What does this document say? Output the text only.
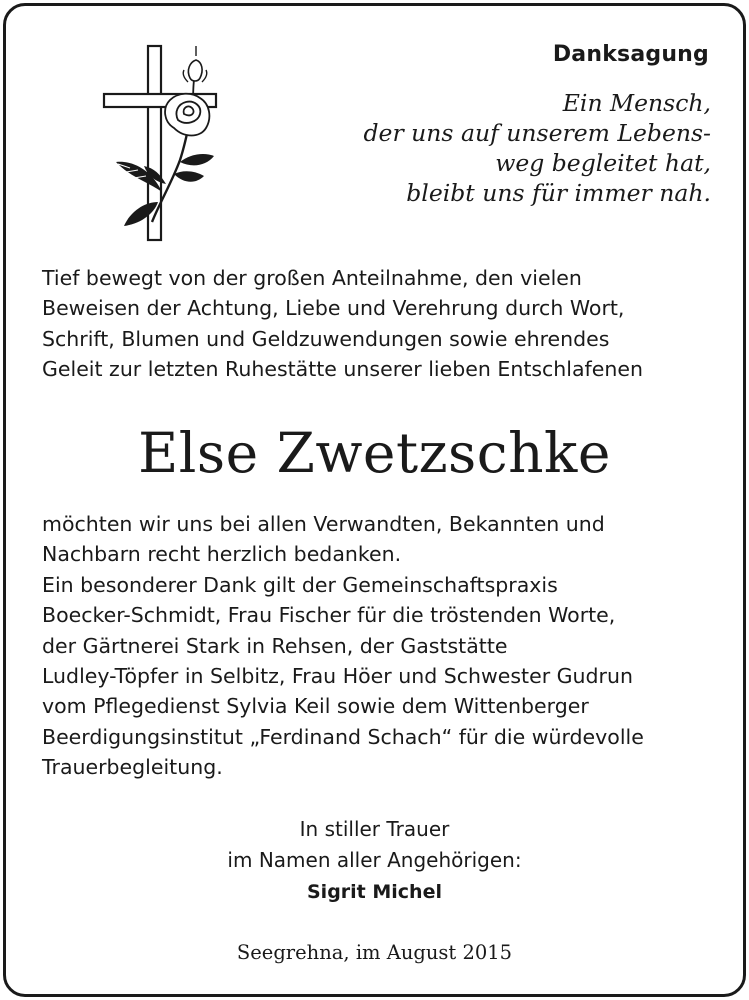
Danksagung
Ein Mensch,
der uns auf unserem Lebens-
weg begleitet hat,
bleibt uns für immer nah.
Tief bewegt von der großen Anteilnahme, den vielen
Beweisen der Achtung, Liebe und Verehrung durch Wort,
Schrift, Blumen und Geldzuwendungen sowie ehrendes
Geleit zur letzten Ruhestätte unserer lieben Entschlafenen
Else Zwetzschke
möchten wir uns bei allen Verwandten, Bekannten und
Nachbarn recht herzlich bedanken.
Ein besonderer Dank gilt der Gemeinschaftspraxis
Boecker-Schmidt, Frau Fischer für die tröstenden Worte,
der Gärtnerei Stark in Rehsen, der Gaststätte
Ludley-Töpfer in Selbitz, Frau Höer und Schwester Gudrun
vom Pflegedienst Sylvia Keil sowie dem Wittenberger
Beerdigungsinstitut „Ferdinand Schach“ für die würdevolle
Trauerbegleitung.
In stiller Trauer
im Namen aller Angehörigen:
Sigrit Michel
Seegrehna, im August 2015
